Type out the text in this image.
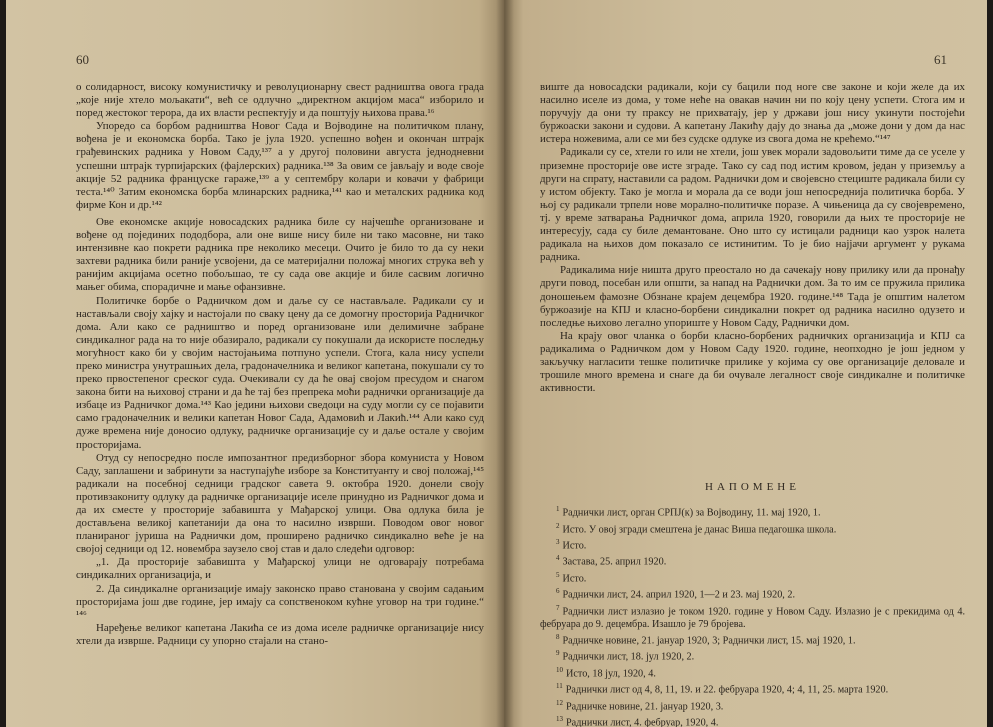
60

о солидарност, високу комунистичку и револуционарну свест радништва овога града „које није хтело мољакати“, већ се одлучно „директном акцијом маса“ изборило и поред жестоког терора, да их власти респектују и да поштују њихова права.¹⁶

Упоредо са борбом радништва Новог Сада и Војводине на политичком плану, вођена је и економска борба. Тако је јула 1920. успешно вођен и окончан штрајк грађевинских радника у Новом Саду,¹³⁷ а у другој половини августа једнодневни успешни штрајк турпијарских (фајлерских) радника.¹³⁸ За овим се јављају и воде своје акције 52 радника француске гараже,¹³⁹ а у септембру колари и ковачи у фабрици теста.¹⁴⁰ Затим економска борба млинарских радника,¹⁴¹ као и металских радника код фирме Кон и др.¹⁴²

Ове економске акције новосадских радника биле су најчешће организоване и вођене од појединих пододбора, али оне више нису биле ни тако масовне, ни тако интензивне као покрети радника пре неколико месеци. Очито је било то да су неки захтеви радника били раније усвојени, да се материјални положај многих струка већ у ранијим акцијама осетно побољшао, те су сада ове акције и биле сасвим логично мањег обима, спорадичне и мање офанзивне.

Политичке борбе о Радничком дом и даље су се настављале. Радикали су и настављали своју хајку и настојали по сваку цену да се домогну просторија Радничког дома. Али како се радништво и поред организоване или делимичне забране синдикалног рада на то није обазирало, радикали су покушали да искористе последњу могућност како би у својим настојањима потпуно успели. Стога, кала нису успели преко министра унутрашњих дела, градоначелника и великог капетана, покушали су то преко првостепеног среског суда. Очекивали су да ће овај својом пресудом и снагом закона бити на њиховој страни и да ће тај без препрека моћи раднички организације да избаце из Радничког дома.¹⁴³ Као једини њихови сведоци на суду могли су се појавити само градоначелник и велики капетан Новог Сада, Адамовић и Лакић.¹⁴⁴ Али како суд дуже времена није доносио одлуку, радничке организације су и даље остале у својим просторијама.

Отуд су непосредно после импозантног предизборног збора комуниста у Новом Саду, заплашени и забринути за наступајуће изборе за Конституанту и свој положај,¹⁴⁵ радикали на посебној седници градског савета 9. октобра 1920. донели своју противзакониту одлуку да радничке организације иселе принудно из Радничког дома и да их сместе у просторије забавишта у Мађарској улици. Ова одлука била је достављена великој капетанији да она то насилно изврши. Поводом овог новог планираног јуриша на Раднички дом, проширено радничко синдикално веће је на својој седници од 12. новембра заузело свој став и дало следећи одговор:

„1. Да просторије забавишта у Мађарској улици не одговарају потребама синдикалних организација, и

2. Да синдикалне организације имају законско право станована у својим садањим просторијама још две године, јер имају са сопственоком кућне уговор на три године.“ ¹⁴⁶

Наређење великог капетана Лакића се из дома иселе радничке организације нису хтели да изврше. Радници су упорно стајали на стано-

61

виште да новосадски радикали, који су бацили под ноге све законе и који желе да их насилно иселе из дома, у томе неће на овакав начин ни по коју цену успети. Стога им и поручују да они ту праксу не прихватају, јер у држави још нису укинути постојећи буржоаски закони и судови. А капетану Лакићу дају до знања да „може дони у дом да нас истера ножевима, али се ми без судске одлуке из свога дома не крећемо.“¹⁴⁷

Радикали су се, хтели го или не хтели, још увек морали задовољити тиме да се уселе у приземне просторије ове исте зграде. Тако су сад под истим кровом, један у приземљу а други на спрату, наставили са радом. Раднички дом и својевсно стециште радикала били су у истом објекту. Тако је могла и морала да се води још непосреднија политичка борба. У њој су радикали трпели нове морално-политичке поразе. А чињеница да су својевремено, тј. у време затварања Радничког дома, априла 1920, говорили да њих те просторије не интересују, сада су биле демантоване. Оно што су истицали радници као узрок налета радикала на њихов дом показало се истинитим. То је био најјачи аргумент у рукама радника.

Радикалима није ништа друго преостало но да сачекају нову прилику или да пронађу други повод, посебан или општи, за напад на Раднички дом. За то им се пружила прилика доношењем фамозне Обзнане крајем децембра 1920. године.¹⁴⁸ Тада је општим налетом буржоазије на КПЈ и класно-борбени синдикални покрет од радника насилно одузето и последње њихово легално упориште у Новом Саду, Раднички дом.

На крају овог чланка о борби класно-борбених радничких организација и КПЈ са радикалима о Радничком дом у Новом Саду 1920. године, неопходно је још једном у закључку нагласити тешке политичке прилике у којима су ове организације деловале и трошиле много времена и снаге да би очувале легалност своје синдикалне и политичке активности.

НАПОМЕНЕ

$^1$ Раднички лист, орган СРПЈ(к) за Војводину, 11. мај 1920, 1.

$^2$ Исто. У овој згради смештена је данас Виша педагошка школа.

$^3$ Исто.

$^4$ Застава, 25. април 1920.

$^5$ Исто.

$^6$ Раднички лист, 24. април 1920, 1—2 и 23. мај 1920, 2.

$^7$ Раднички лист излазио је током 1920. године у Новом Саду. Излазио је с прекидима од 4. фебруара до 9. децембра. Изашло је 79 бројева.

$^8$ Радничке новине, 21. јануар 1920, 3; Раднички лист, 15. мај 1920, 1.

$^9$ Раднички лист, 18. јул 1920, 2.

$^{10}$ Исто, 18 јул, 1920, 4.

$^{11}$ Раднички лист од 4, 8, 11, 19. и 22. фебруара 1920, 4; 4, 11, 25. марта 1920.

$^{12}$ Радничке новине, 21. јануар 1920, 3.

$^{13}$ Раднички лист, 4. фебруар, 1920, 4.
